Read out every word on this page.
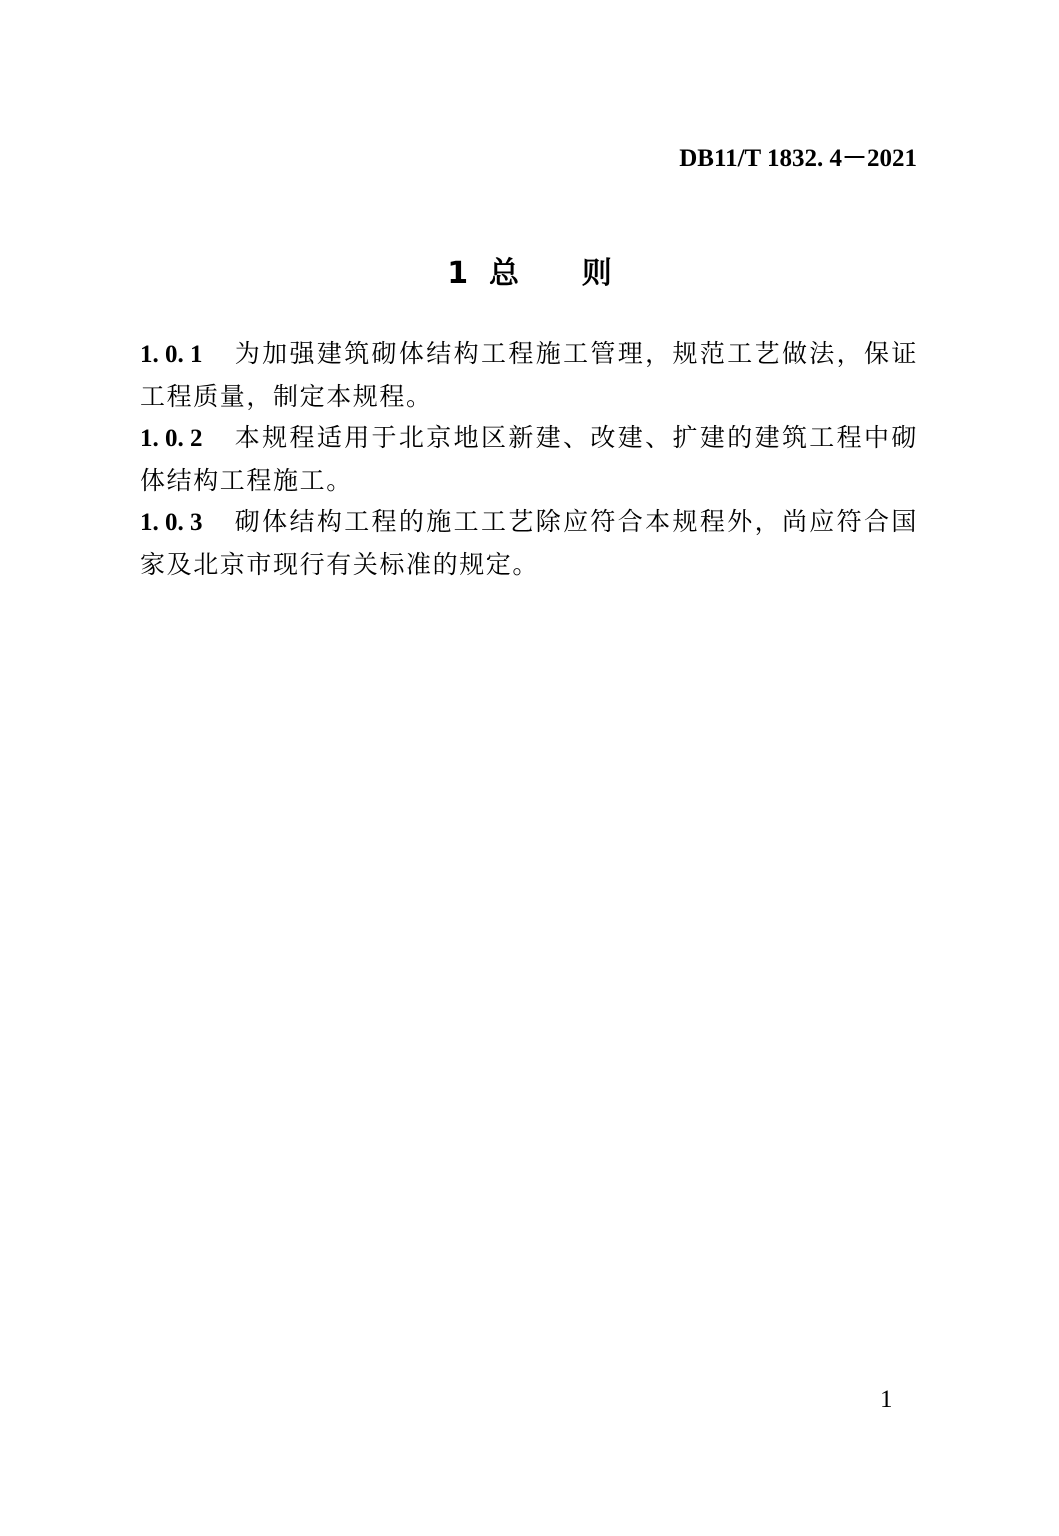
DB11/T 1832. 4－2021
1  总      则

1. 0. 1 为加强建筑砌体结构工程施工管理，规范工艺做法，保证工程质量，制定本规程。

1. 0. 2 本规程适用于北京地区新建、改建、扩建的建筑工程中砌体结构工程施工。

1. 0. 3 砌体结构工程的施工工艺除应符合本规程外，尚应符合国家及北京市现行有关标准的规定。

1
